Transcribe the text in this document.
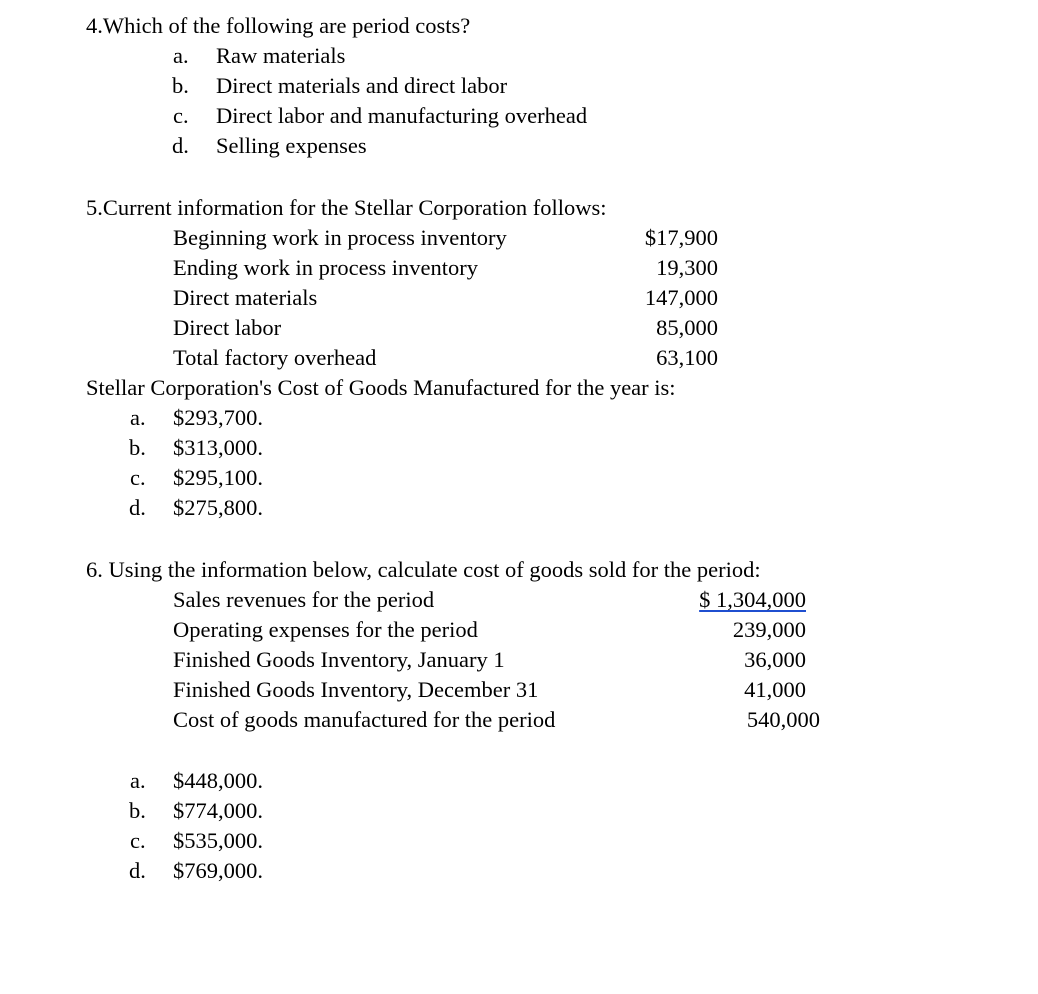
4.Which of the following are period costs?
a. Raw materials
b. Direct materials and direct labor
c. Direct labor and manufacturing overhead
d. Selling expenses
5.Current information for the Stellar Corporation follows:
Beginning work in process inventory	$17,900
Ending work in process inventory	19,300
Direct materials	147,000
Direct labor	85,000
Total factory overhead	63,100
Stellar Corporation's Cost of Goods Manufactured for the year is:
a. $293,700.
b. $313,000.
c. $295,100.
d. $275,800.
6. Using the information below, calculate cost of goods sold for the period:
Sales revenues for the period	$ 1,304,000
Operating expenses for the period	239,000
Finished Goods Inventory, January 1	36,000
Finished Goods Inventory, December 31	41,000
Cost of goods manufactured for the period	540,000
a. $448,000.
b. $774,000.
c. $535,000.
d. $769,000.
